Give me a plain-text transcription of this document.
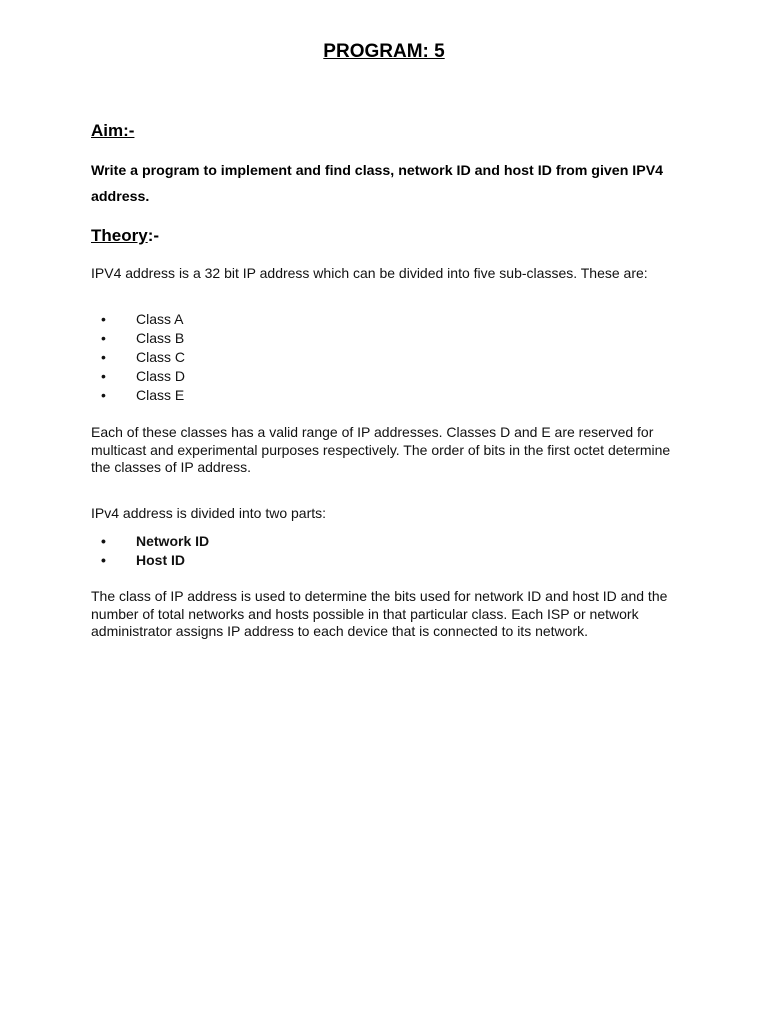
PROGRAM: 5
Aim:-
Write a program to implement and find class, network ID and host ID from given IPV4 address.
Theory:-
IPV4 address is a 32 bit IP address which can be divided into five sub-classes. These are:
• Class A
• Class B
• Class C
• Class D
• Class E
Each of these classes has a valid range of IP addresses. Classes D and E are reserved for multicast and experimental purposes respectively. The order of bits in the first octet determine the classes of IP address.
IPv4 address is divided into two parts:
• Network ID
• Host ID
The class of IP address is used to determine the bits used for network ID and host ID and the number of total networks and hosts possible in that particular class. Each ISP or network administrator assigns IP address to each device that is connected to its network.
